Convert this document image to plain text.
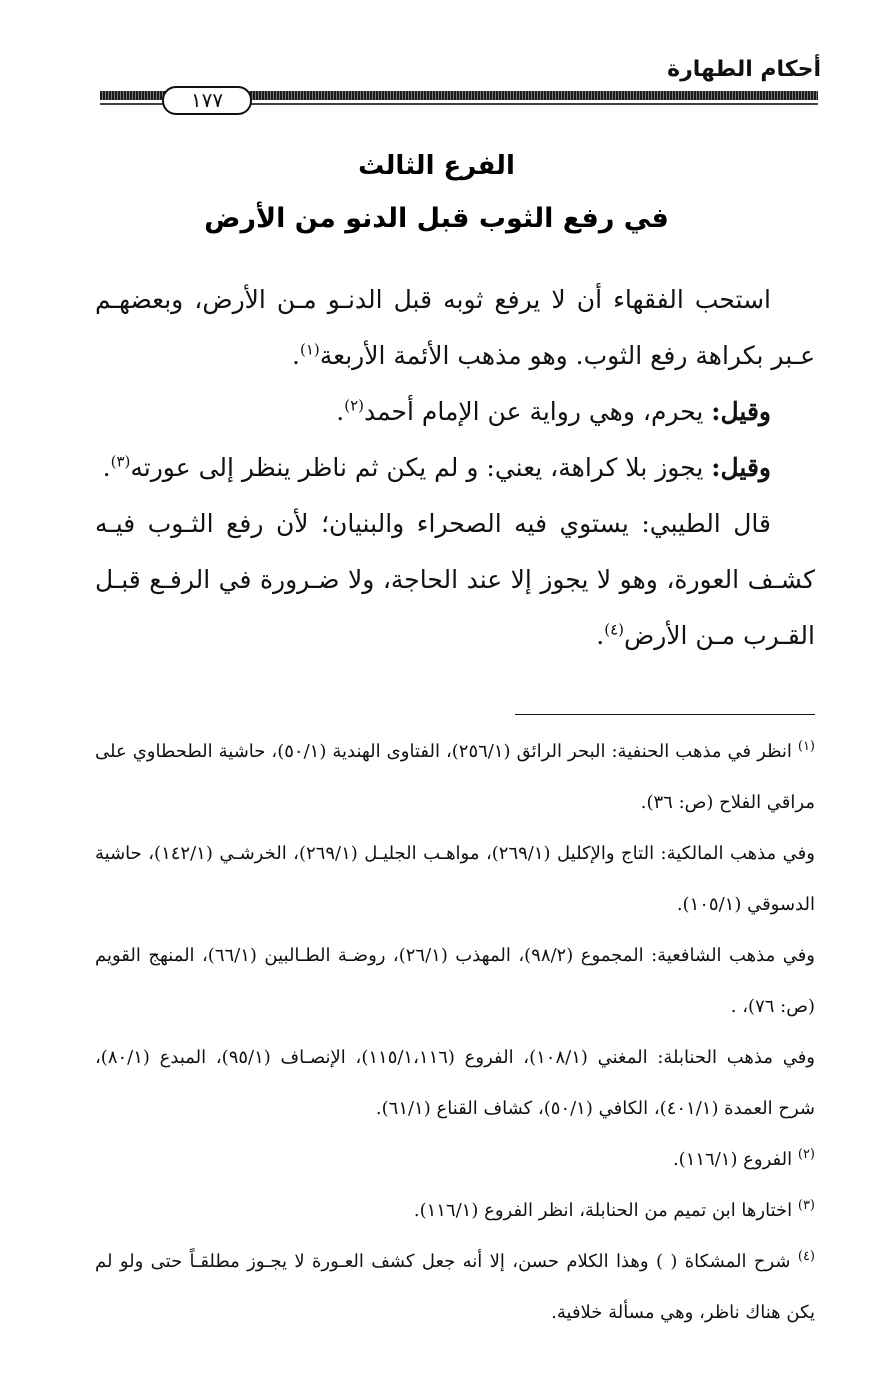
أحكام الطهارة
١٧٧
الفرع الثالث
في رفع الثوب قبل الدنو من الأرض

استحب الفقهاء أن لا يرفع ثوبه قبل الدنـو مـن الأرض، وبعضهـم عـبر بكراهة رفع الثوب. وهو مذهب الأئمة الأربعة$^{(١)}$.

وقيل: يحرم، وهي رواية عن الإمام أحمد$^{(٢)}$.

وقيل: يجوز بلا كراهة، يعني: و لم يكن ثم ناظر ينظر إلى عورته$^{(٣)}$.

قال الطيبي: يستوي فيه الصحراء والبنيان؛ لأن رفع الثـوب فيـه كشـف العورة، وهو لا يجوز إلا عند الحاجة، ولا ضـرورة في الرفـع قبـل القـرب مـن الأرض$^{(٤)}$.

$^{(١)}$ انظر في مذهب الحنفية: البحر الرائق (٢٥٦/١)، الفتاوى الهندية (٥٠/١)، حاشية الطحطاوي على مراقي الفلاح (ص: ٣٦).

وفي مذهب المالكية: التاج والإكليل (٢٦٩/١)، مواهـب الجليـل (٢٦٩/١)، الخرشـي (١٤٢/١)، حاشية الدسوقي (١٠٥/١).

وفي مذهب الشافعية: المجموع (٩٨/٢)، المهذب (٢٦/١)، روضـة الطـالبين (٦٦/١)، المنهج القويم (ص: ٧٦)، .

وفي مذهب الحنابلة: المغني (١٠٨/١)، الفروع (١١٥/١،١١٦)، الإنصـاف (٩٥/١)، المبدع (٨٠/١)، شرح العمدة (٤٠١/١)، الكافي (٥٠/١)، كشاف القناع (٦١/١).

$^{(٢)}$ الفروع (١١٦/١).

$^{(٣)}$ اختارها ابن تميم من الحنابلة، انظر الفروع (١١٦/١).

$^{(٤)}$ شرح المشكاة ( ) وهذا الكلام حسن، إلا أنه جعل كشف العـورة لا يجـوز مطلقـاً حتى ولو لم يكن هناك ناظر، وهي مسألة خلافية.
